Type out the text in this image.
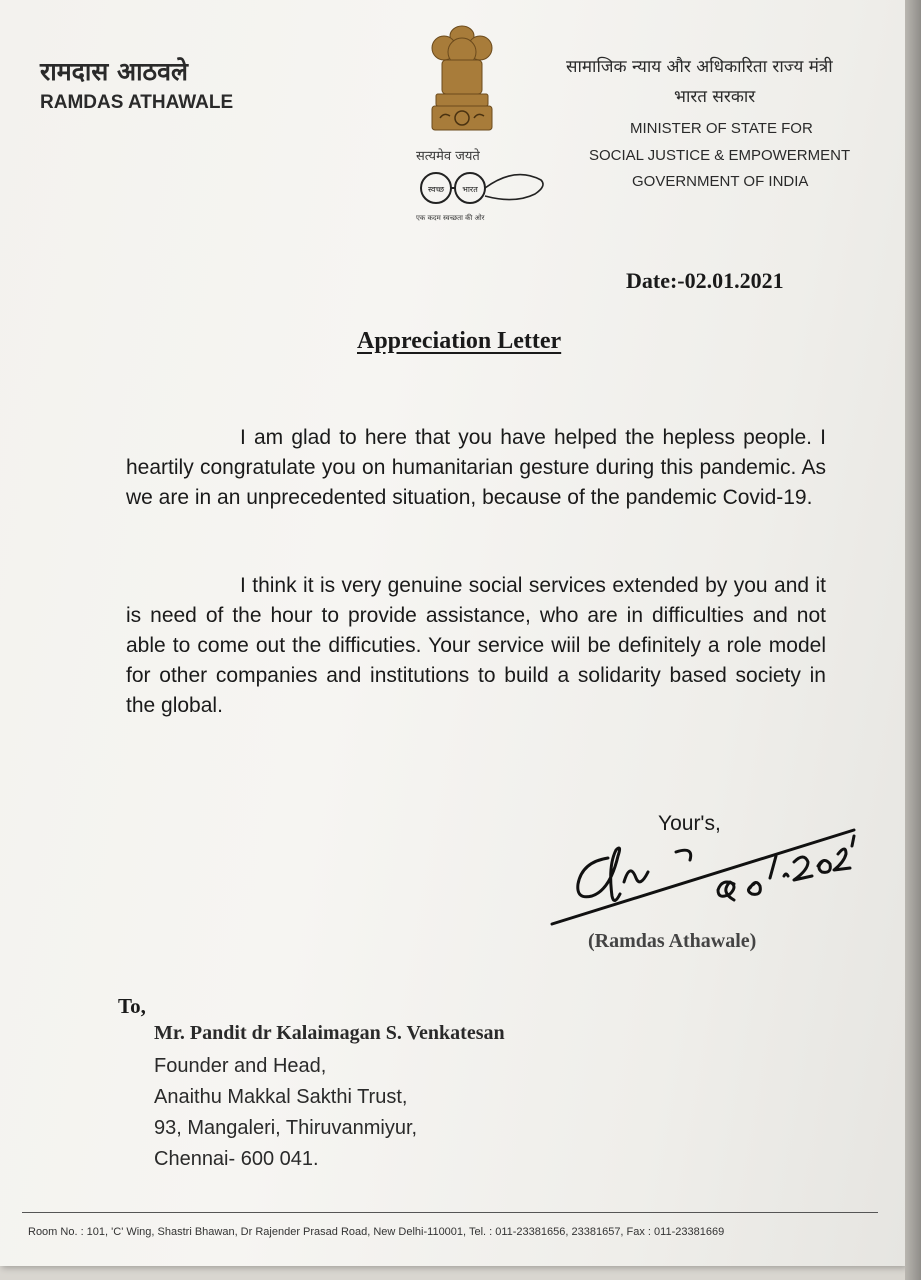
रामदास आठवले
RAMDAS ATHAWALE
सत्यमेव जयते
स्वच्छ भारत
एक कदम स्वच्छता की ओर
सामाजिक न्याय और अधिकारिता राज्य मंत्री
भारत सरकार
MINISTER OF STATE FOR
SOCIAL JUSTICE & EMPOWERMENT
GOVERNMENT OF INDIA
Date:-02.01.2021
Appreciation Letter

I am glad to here that you have helped the hepless people. I heartily congratulate you on humanitarian gesture during this pandemic. As we are in an unprecedented situation, because of the pandemic Covid-19.

I think it is very genuine social services extended by you and it is need of the hour to provide assistance, who are in difficulties and not able to come out the difficuties. Your service wiil be definitely a role model for other companies and institutions to build a solidarity based society in the global.

Your's,
(Ramdas Athawale)
To,
Mr. Pandit dr Kalaimagan S. Venkatesan
Founder and Head,
Anaithu Makkal Sakthi Trust,
93, Mangaleri, Thiruvanmiyur,
Chennai- 600 041.
Room No. : 101, 'C' Wing, Shastri Bhawan, Dr Rajender Prasad Road, New Delhi-110001, Tel. : 011-23381656, 23381657, Fax : 011-23381669
